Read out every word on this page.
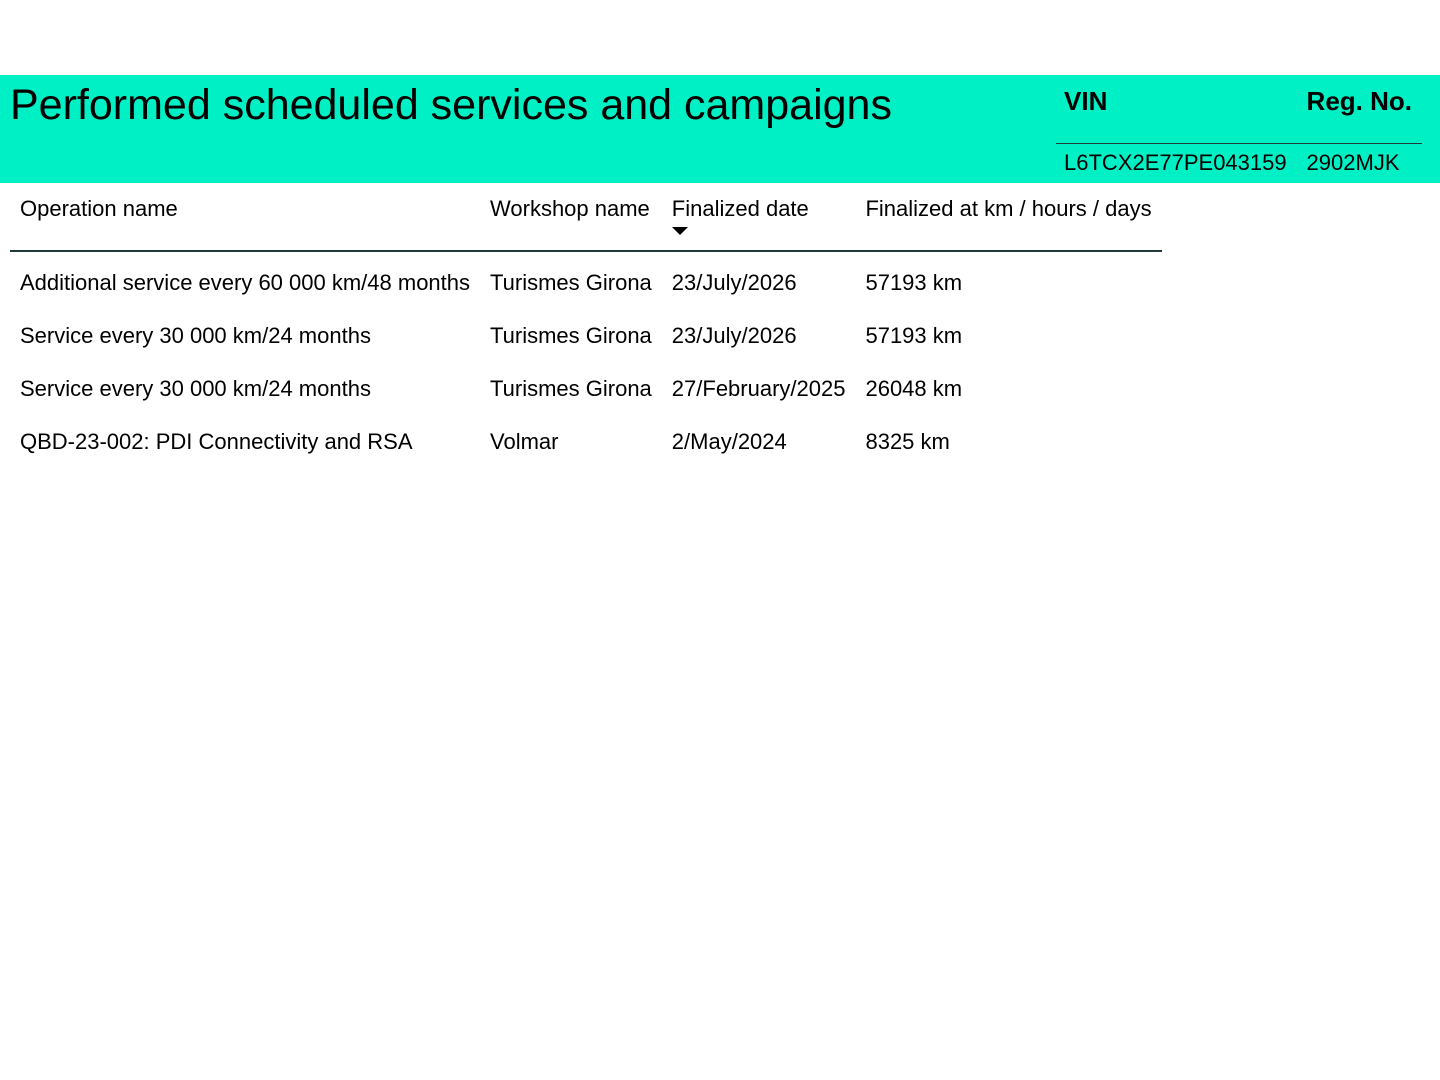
Performed scheduled services and campaigns	VIN	Reg. No.
L6TCX2E77PE043159	2902MJK
Operation name	Workshop name	Finalized date	Finalized at km / hours / days

Additional service every 60 000 km/48 months	Turismes Girona	23/July/2026	57193 km
Service every 30 000 km/24 months	Turismes Girona	23/July/2026	57193 km
Service every 30 000 km/24 months	Turismes Girona	27/February/2025	26048 km
QBD-23-002: PDI Connectivity and RSA	Volmar	2/May/2024	8325 km
